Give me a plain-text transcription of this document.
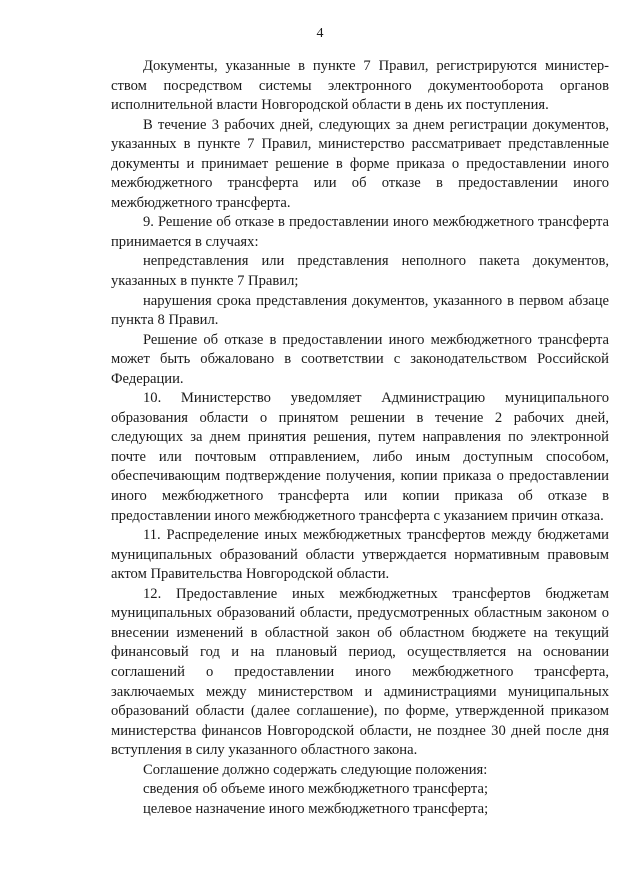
4

Документы, указанные в пункте 7 Правил, регистрируются министерством посредством системы электронного документооборота органов исполнительной власти Новгородской области в день их поступления.

В течение 3 рабочих дней, следующих за днем регистрации документов, указанных в пункте 7 Правил, министерство рассматривает представленные документы и принимает решение в форме приказа о предоставлении иного межбюджетного трансферта или об отказе в предоставлении иного межбюджетного трансферта.

9. Решение об отказе в предоставлении иного межбюджетного трансферта принимается в случаях:

непредставления или представления неполного пакета документов, указанных в пункте 7 Правил;

нарушения срока представления документов, указанного в первом абзаце пункта 8 Правил.

Решение об отказе в предоставлении иного межбюджетного трансферта может быть обжаловано в соответствии с законодательством Российской Федерации.

10. Министерство уведомляет Администрацию муниципального образования области о принятом решении в течение 2 рабочих дней, следующих за днем принятия решения, путем направления по электронной почте или почтовым отправлением, либо иным доступным способом, обеспечивающим подтверждение получения, копии приказа о предоставлении иного межбюджетного трансферта или копии приказа об отказе в предоставлении иного межбюджетного трансферта с указанием причин отказа.

11. Распределение иных межбюджетных трансфертов между бюджетами муниципальных образований области утверждается нормативным правовым актом Правительства Новгородской области.

12. Предоставление иных межбюджетных трансфертов бюджетам муниципальных образований области, предусмотренных областным законом о внесении изменений в областной закон об областном бюджете на текущий финансовый год и на плановый период, осуществляется на основании соглашений о предоставлении иного межбюджетного трансферта, заключаемых между министерством и администрациями муниципальных образований области (далее соглашение), по форме, утвержденной приказом министерства финансов Новгородской области, не позднее 30 дней после дня вступления в силу указанного областного закона.

Соглашение должно содержать следующие положения:

сведения об объеме иного межбюджетного трансферта;

целевое назначение иного межбюджетного трансферта;
